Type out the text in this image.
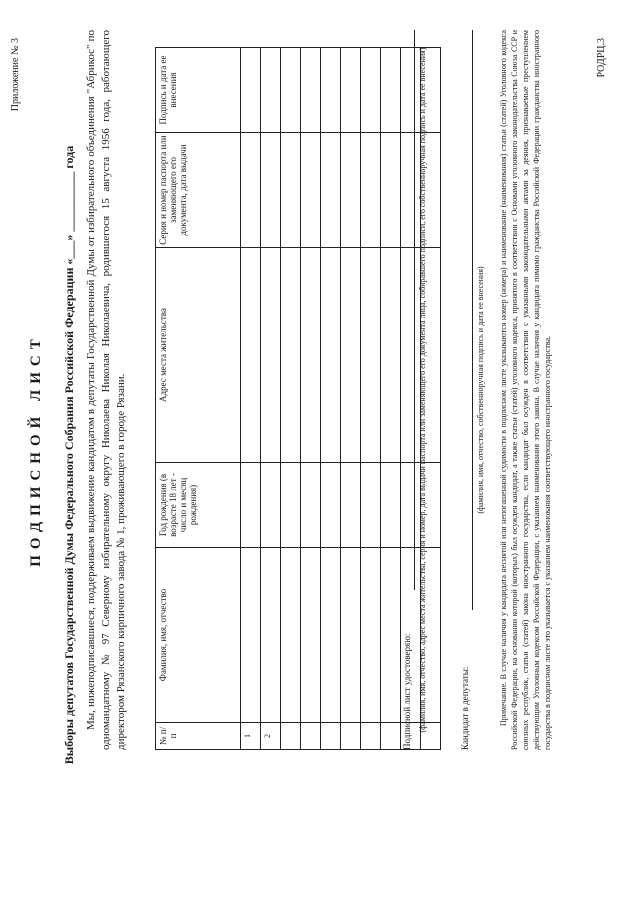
Приложение № 3
ПОДПИСНОЙ ЛИСТ Выборы депутатов Государственной Думы Федерального Собрания Российской Федерации «___» __________ года Мы, нижеподписавшиеся, поддерживаем выдвижение кандидатом в депутаты Государственной Думы от избирательного объединения "Абрикос" по одномандатному № 97 Северному избирательному округу Николаева Николая Николаевича, родившегося 15 августа 1956 года, работающего директором Рязанского кирпичного завода № 1, проживающего в городе Рязани.	№ п/п	Фамилия, имя, отчество	Год рождения (в возрасте 18 лет - число и месяц рождения)	Адрес места жительства	Серия и номер паспорта или заменяющего его документа, дата выдачи	Подпись и дата ее внесения
1					
2					

						Подписной лист удостоверяю: (фамилия, имя, отчество, адрес места жительства, серия и номер, дата выдачи паспорта или заменяющего его документа лица, собиравшего подписи, его собственноручная подпись и дата ее внесения)	Кандидат в депутаты:
(фамилия, имя, отчество, собственноручная подпись и дата ее внесения) Примечание. В случае наличия у кандидата неснятой или непогашенной судимости в подписном листе указываются номер (номера) и наименование (наименования) статьи (статей) Уголовного кодекса Российской Федерации, на основании которой (которых) был осужден кандидат, а также статьи (статей) уголовного кодекса, принятого в соответствии с Основами уголовного законодательства Союза ССР и союзных республик, статьи (статей) закона иностранного государства, если кандидат был осужден в соответствии с указанными законодательными актами за деяния, признаваемые преступлением действующим Уголовным кодексом Российской Федерации, с указанием наименования этого закона. В случае наличия у кандидата помимо гражданства Российской Федерации гражданства иностранного государства в подписном листе это указывается с указанием наименования соответствующего иностранного государства.
РОДРЦ.3
